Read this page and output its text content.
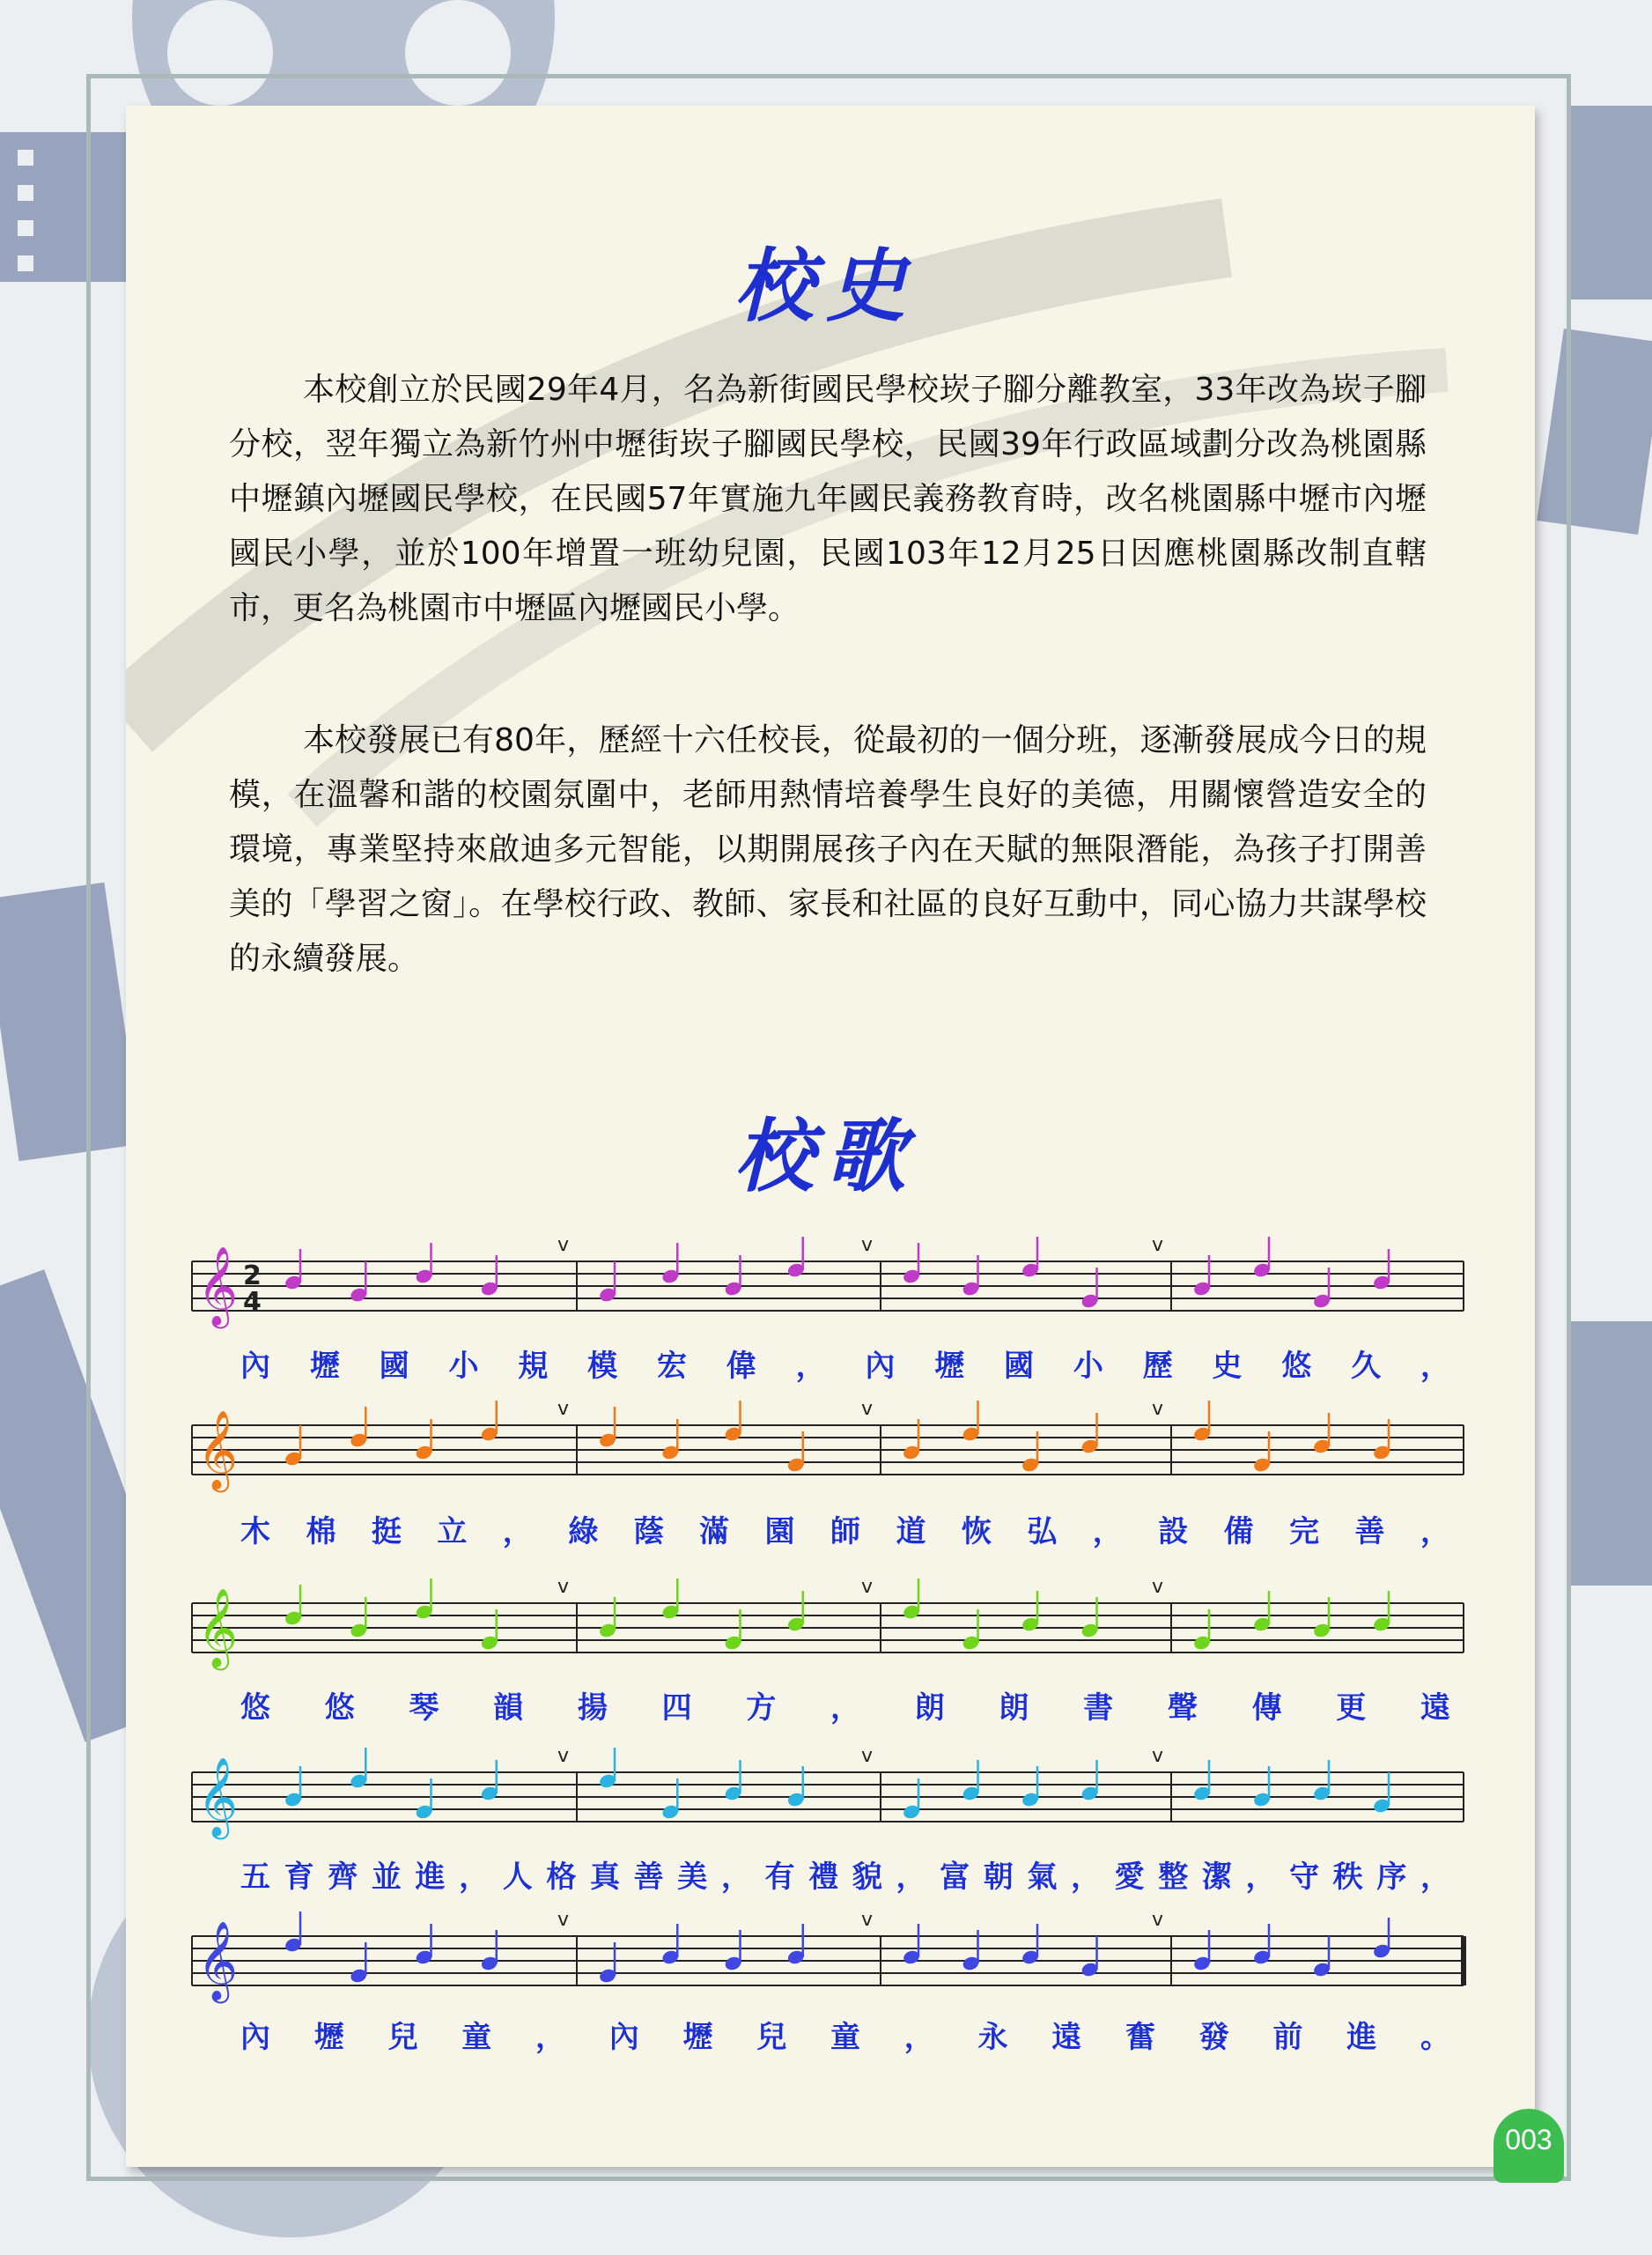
校史

本校創立於民國29年4月，名為新街國民學校崁子腳分離教室，33年改為崁子腳分校，翌年獨立為新竹州中壢街崁子腳國民學校，民國39年行政區域劃分改為桃園縣中壢鎮內壢國民學校，在民國57年實施九年國民義務教育時，改名桃園縣中壢市內壢國民小學，並於100年增置一班幼兒園，民國103年12月25日因應桃園縣改制直轄市，更名為桃園市中壢區內壢國民小學。

本校發展已有80年，歷經十六任校長，從最初的一個分班，逐漸發展成今日的規模，在溫馨和諧的校園氛圍中，老師用熱情培養學生良好的美德，用關懷營造安全的環境，專業堅持來啟迪多元智能，以期開展孩子內在天賦的無限潛能，為孩子打開善美的「學習之窗」。在學校行政、教師、家長和社區的良好互動中，同心協力共謀學校的永續發展。

校歌
𝄞 2
4
v	v	v
內 壢 國 小 規 模 宏 偉 ， 內 壢 國 小 歷 史 悠 久 ，
𝄞
v	v	v
木 棉 挺 立 ， 綠 蔭 滿 園 師 道 恢 弘 ， 設 備 完 善 ，
𝄞
v	v	v
悠 悠 琴 韻 揚 四 方 ， 朗 朗 書 聲 傳 更 遠
𝄞
v	v	v
五 育 齊 並 進 ， 人 格 真 善 美 ， 有 禮 貌 ， 富 朝 氣 ， 愛 整 潔 ， 守 秩 序 ，
𝄞
v	v	v
內 壢 兒 童 ， 內 壢 兒 童 ， 永 遠 奮 發 前 進 。
003
